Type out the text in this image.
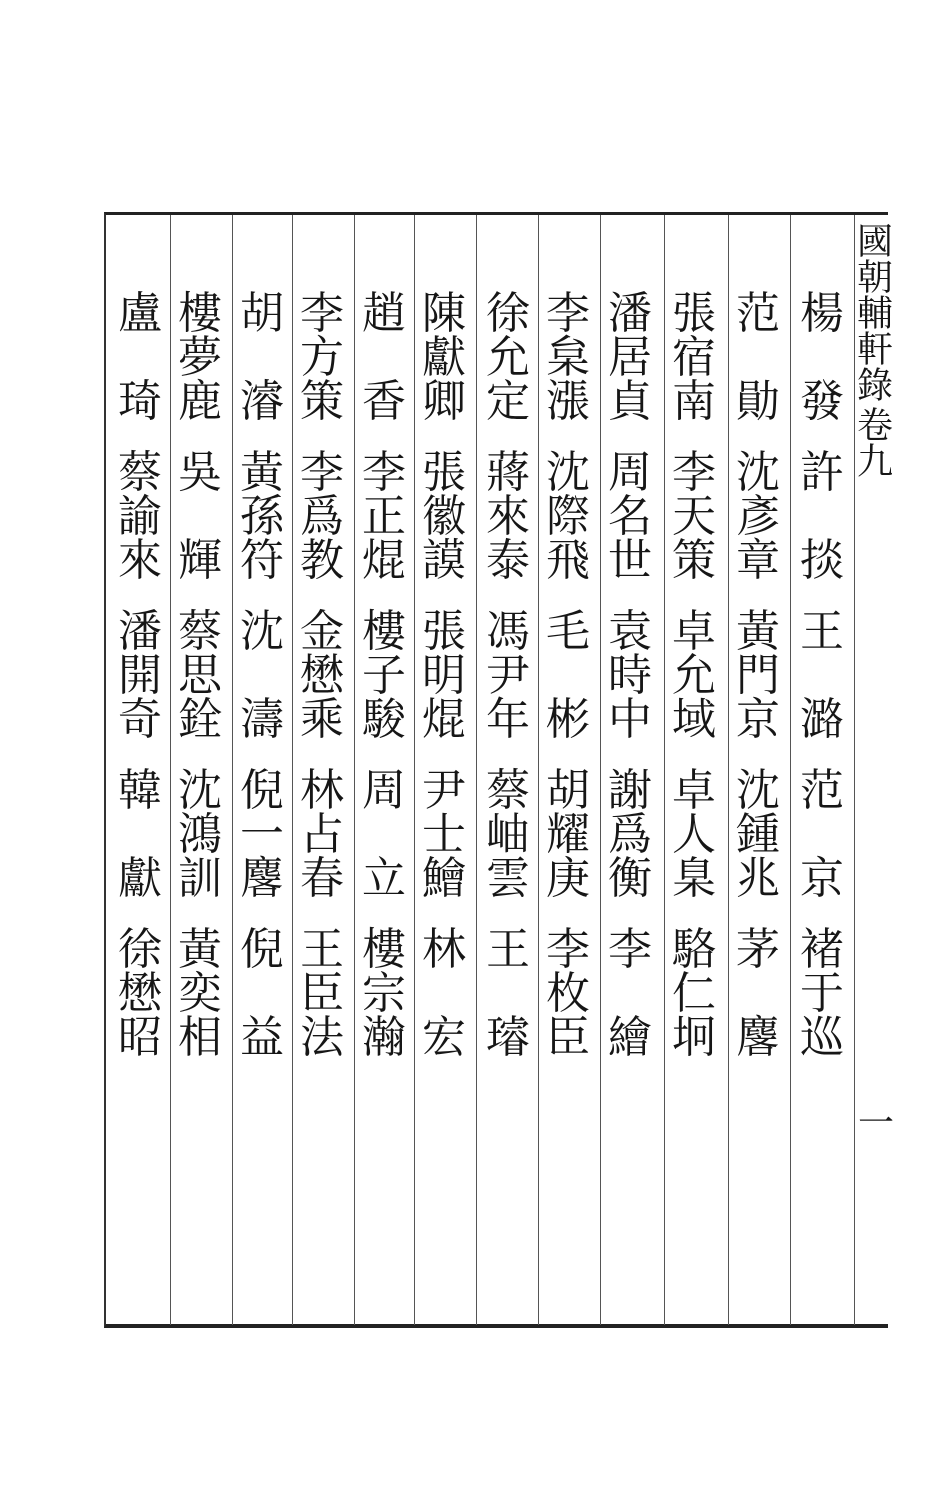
國朝輔軒錄
卷九
一
楊
發
許
掞
王
潞
范
京
褚
于
巡
范
勛
沈
彥
章
黃
門
京
沈
鍾
兆
茅
麐
張
宿
南
李
天
策
卓
允
域
卓
人
臬
駱
仁
坰
潘
居
貞
周
名
世
袁
時
中
謝
爲
衡
李
繪
李
枲
漲
沈
際
飛
毛
彬
胡
耀
庚
李
枚
臣
徐
允
定
蔣
來
泰
馮
尹
年
蔡
岫
雲
王
璿
陳
獻
卿
張
徽
謨
張
明
焜
尹
士
鱠
林
宏
趙
香
李
正
焜
樓
子
駿
周
立
樓
宗
瀚
李
方
策
李
爲
教
金
懋
乘
林
占
春
王
臣
法
胡
濬
黃
孫
符
沈
濤
倪
一
麐
倪
益
樓
夢
鹿
吳
輝
蔡
思
銓
沈
鴻
訓
黃
奕
相
盧
琦
蔡
諭
來
潘
開
奇
韓
獻
徐
懋
昭
